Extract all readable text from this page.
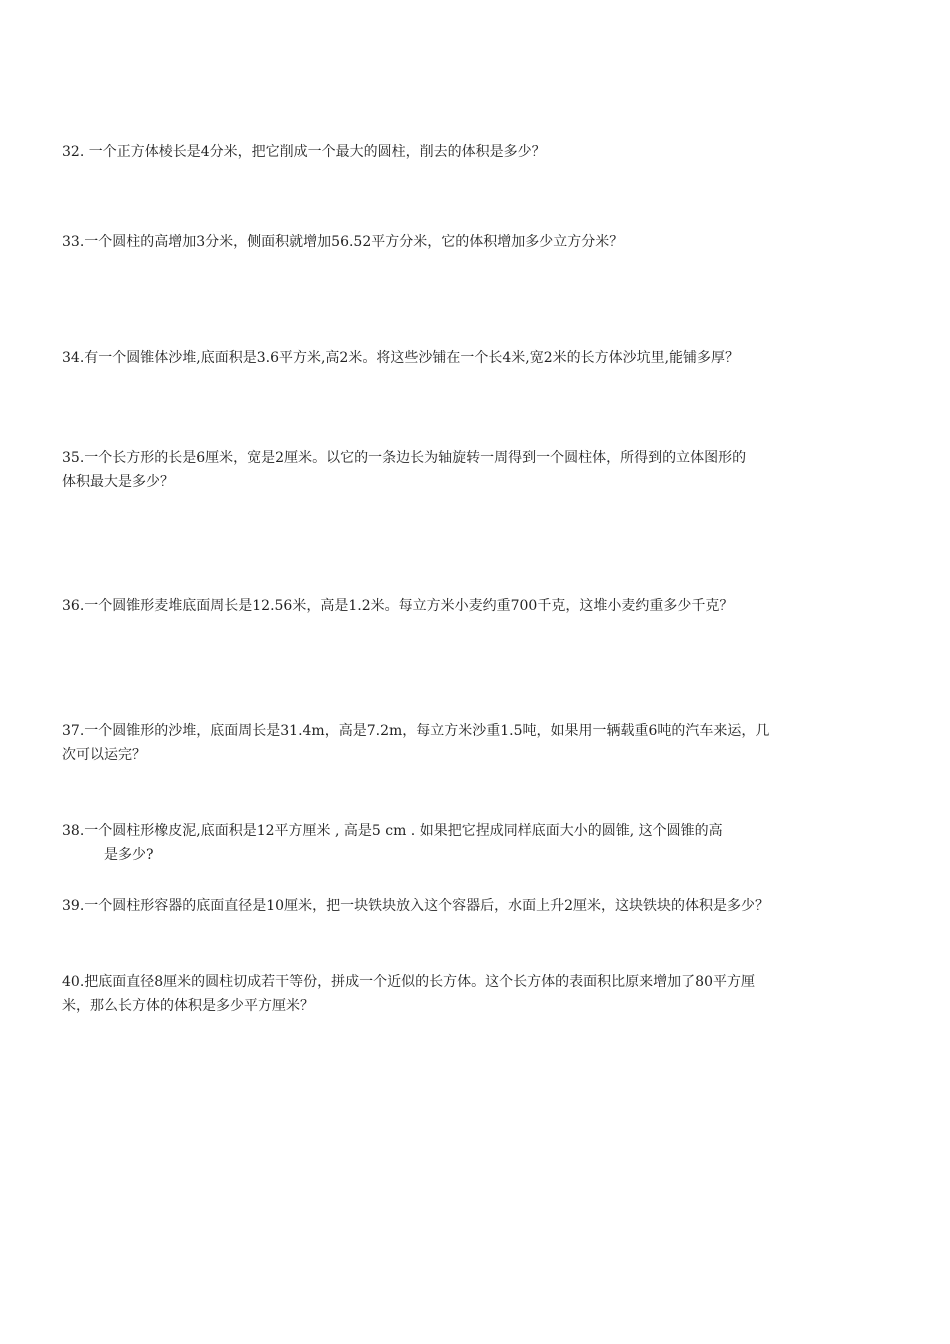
32. 一个正方体棱长是4分米，把它削成一个最大的圆柱，削去的体积是多少？

33.一个圆柱的高增加3分米，侧面积就增加56.52平方分米，它的体积增加多少立方分米？

34.有一个圆锥体沙堆,底面积是3.6平方米,高2米。将这些沙铺在一个长4米,宽2米的长方体沙坑里,能铺多厚？

35.一个长方形的长是6厘米，宽是2厘米。以它的一条边长为轴旋转一周得到一个圆柱体，所得到的立体图形的
体积最大是多少？

36.一个圆锥形麦堆底面周长是12.56米，高是1.2米。每立方米小麦约重700千克，这堆小麦约重多少千克？

37.一个圆锥形的沙堆，底面周长是31.4m，高是7.2m，每立方米沙重1.5吨，如果用一辆载重6吨的汽车来运，几
次可以运完？

38.一个圆柱形橡皮泥,底面积是12平方厘米 , 高是5 cm . 如果把它捏成同样底面大小的圆锥, 这个圆锥的高
是多少?

39.一个圆柱形容器的底面直径是10厘米，把一块铁块放入这个容器后，水面上升2厘米，这块铁块的体积是多少？

40.把底面直径8厘米的圆柱切成若干等份，拼成一个近似的长方体。这个长方体的表面积比原来增加了80平方厘
米，那么长方体的体积是多少平方厘米？
